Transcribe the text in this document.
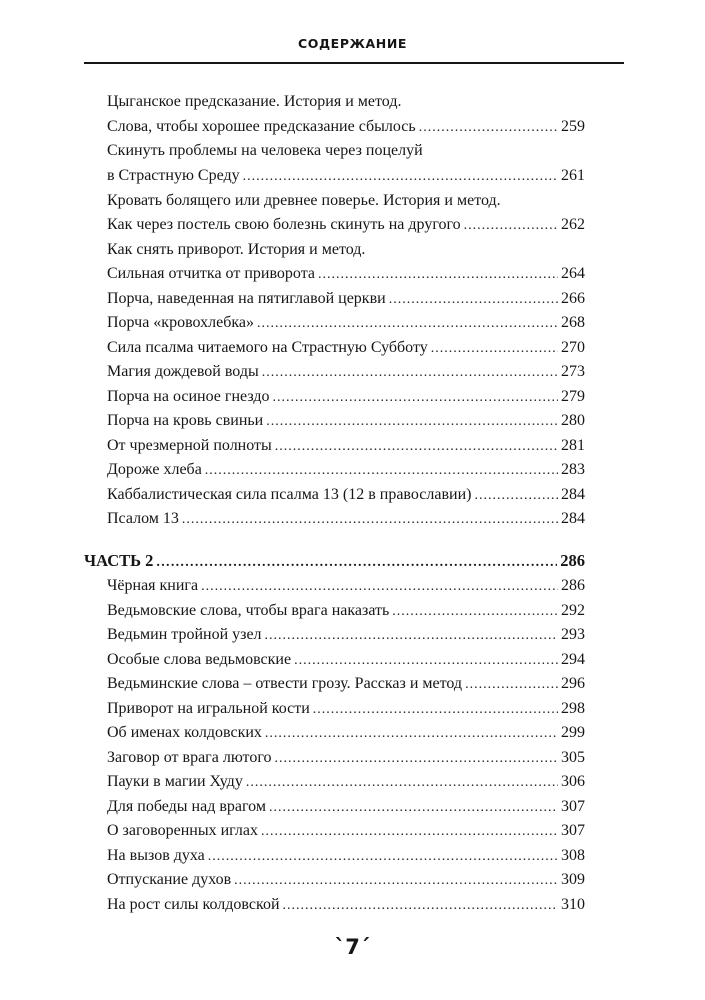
СОДЕРЖАНИЕ
Цыганское предсказание. История и метод.
Слова, чтобы хорошее предсказание сбылось .....	259
Скинуть проблемы на человека через поцелуй
в Страстную Среду .....	261
Кровать болящего или древнее поверье. История и метод.
Как через постель свою болезнь скинуть на другого .....	262
Как снять приворот. История и метод.
Сильная отчитка от приворота .....	264
Порча, наведенная на пятиглавой церкви .....	266
Порча «кровохлебка» .....	268
Сила псалма читаемого на Страстную Субботу .....	270
Магия дождевой воды .....	273
Порча на осиное гнездо .....	279
Порча на кровь свиньи .....	280
От чрезмерной полноты .....	281
Дороже хлеба .....	283
Каббалистическая сила псалма 13 (12 в православии) .....	284
Псалом 13 .....	284
ЧАСТЬ 2 .....	286
Чёрная книга .....	286
Ведьмовские слова, чтобы врага наказать .....	292
Ведьмин тройной узел .....	293
Особые слова ведьмовские .....	294
Ведьминские слова – отвести грозу. Рассказ и метод .....	296
Приворот на игральной кости .....	298
Об именах колдовских .....	299
Заговор от врага лютого .....	305
Пауки в магии Худу .....	306
Для победы над врагом .....	307
О заговоренных иглах .....	307
На вызов духа .....	308
Отпускание духов .....	309
На рост силы колдовской .....	310
`7´
